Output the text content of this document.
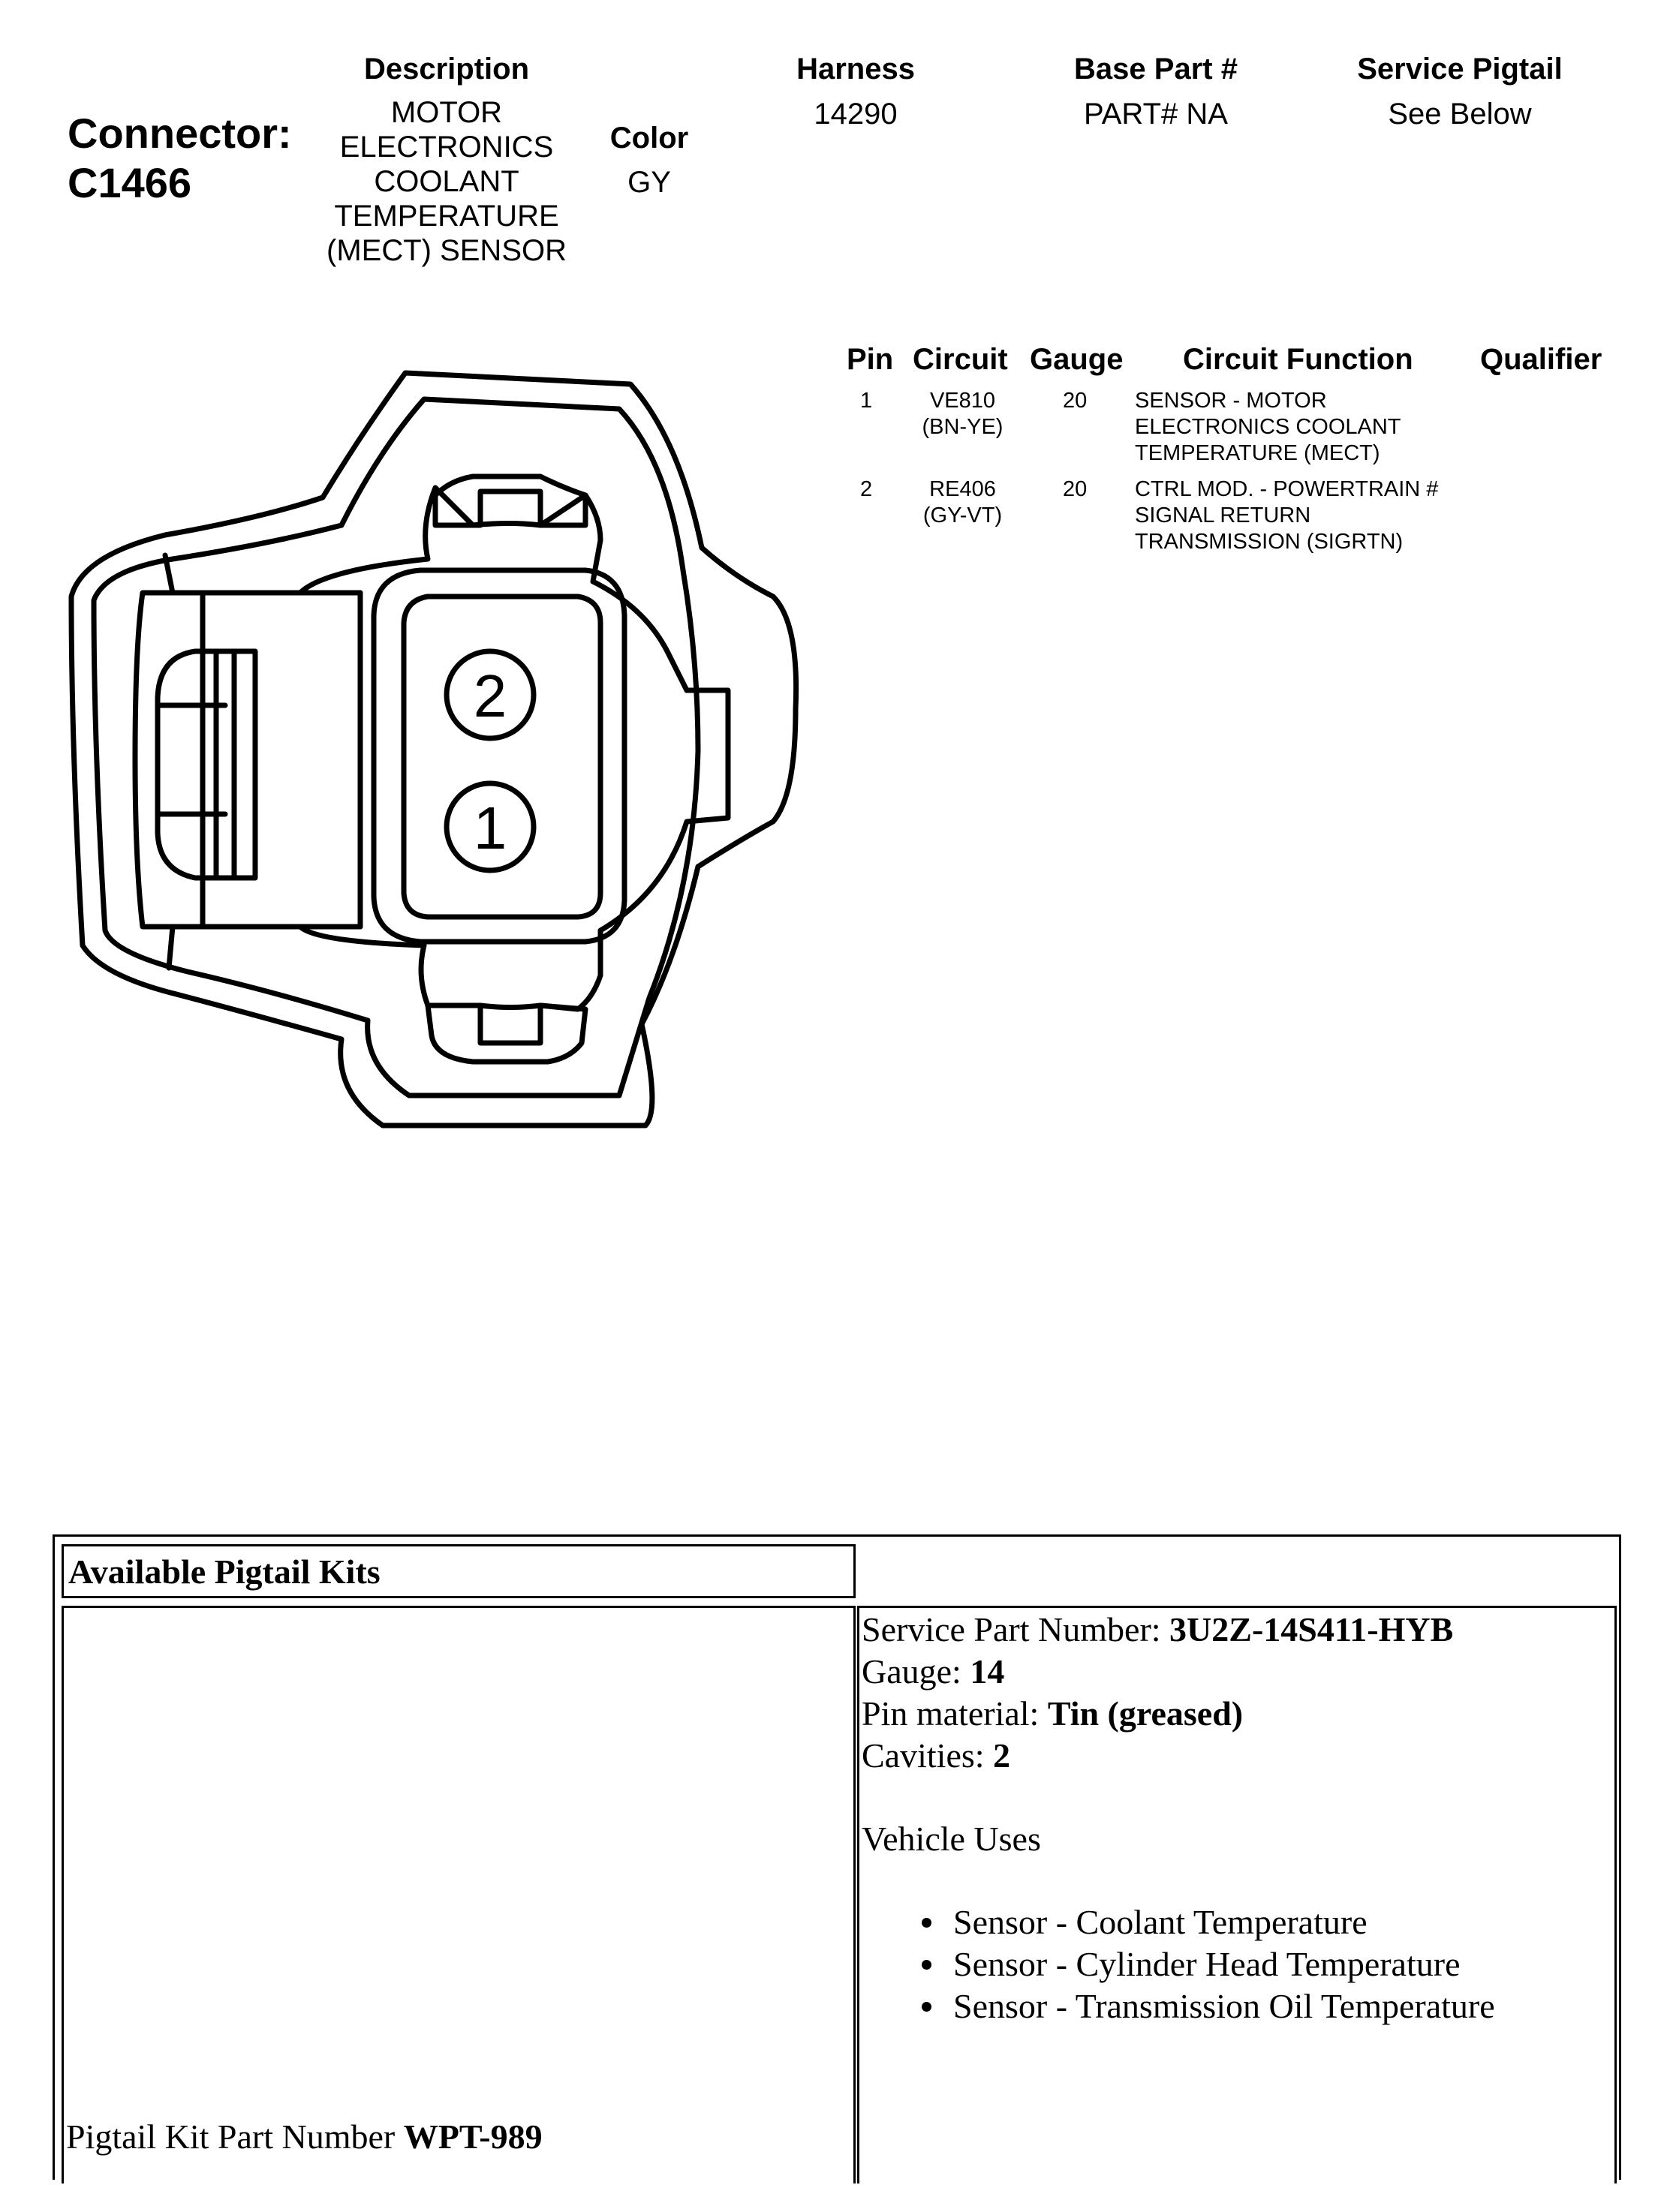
Connector:
C1466
Description
MOTOR
ELECTRONICS
COOLANT
TEMPERATURE
(MECT) SENSOR
Color
GY
Harness
14290
Base Part #
PART# NA
Service Pigtail
See Below
Pin Circuit Gauge Circuit Function Qualifier
1	VE810
(BN-YE)
20 SENSOR - MOTOR
ELECTRONICS COOLANT
TEMPERATURE (MECT)
2	RE406
(GY-VT)
20 CTRL MOD. - POWERTRAIN #
SIGNAL RETURN
TRANSMISSION (SIGRTN)
2
1
Available Pigtail Kits
Pigtail Kit Part Number WPT-989
Service Part Number: 3U2Z-14S411-HYB
Gauge: 14
Pin material: Tin (greased)
Cavities: 2
Vehicle Uses
Sensor - Coolant Temperature
Sensor - Cylinder Head Temperature
Sensor - Transmission Oil Temperature
